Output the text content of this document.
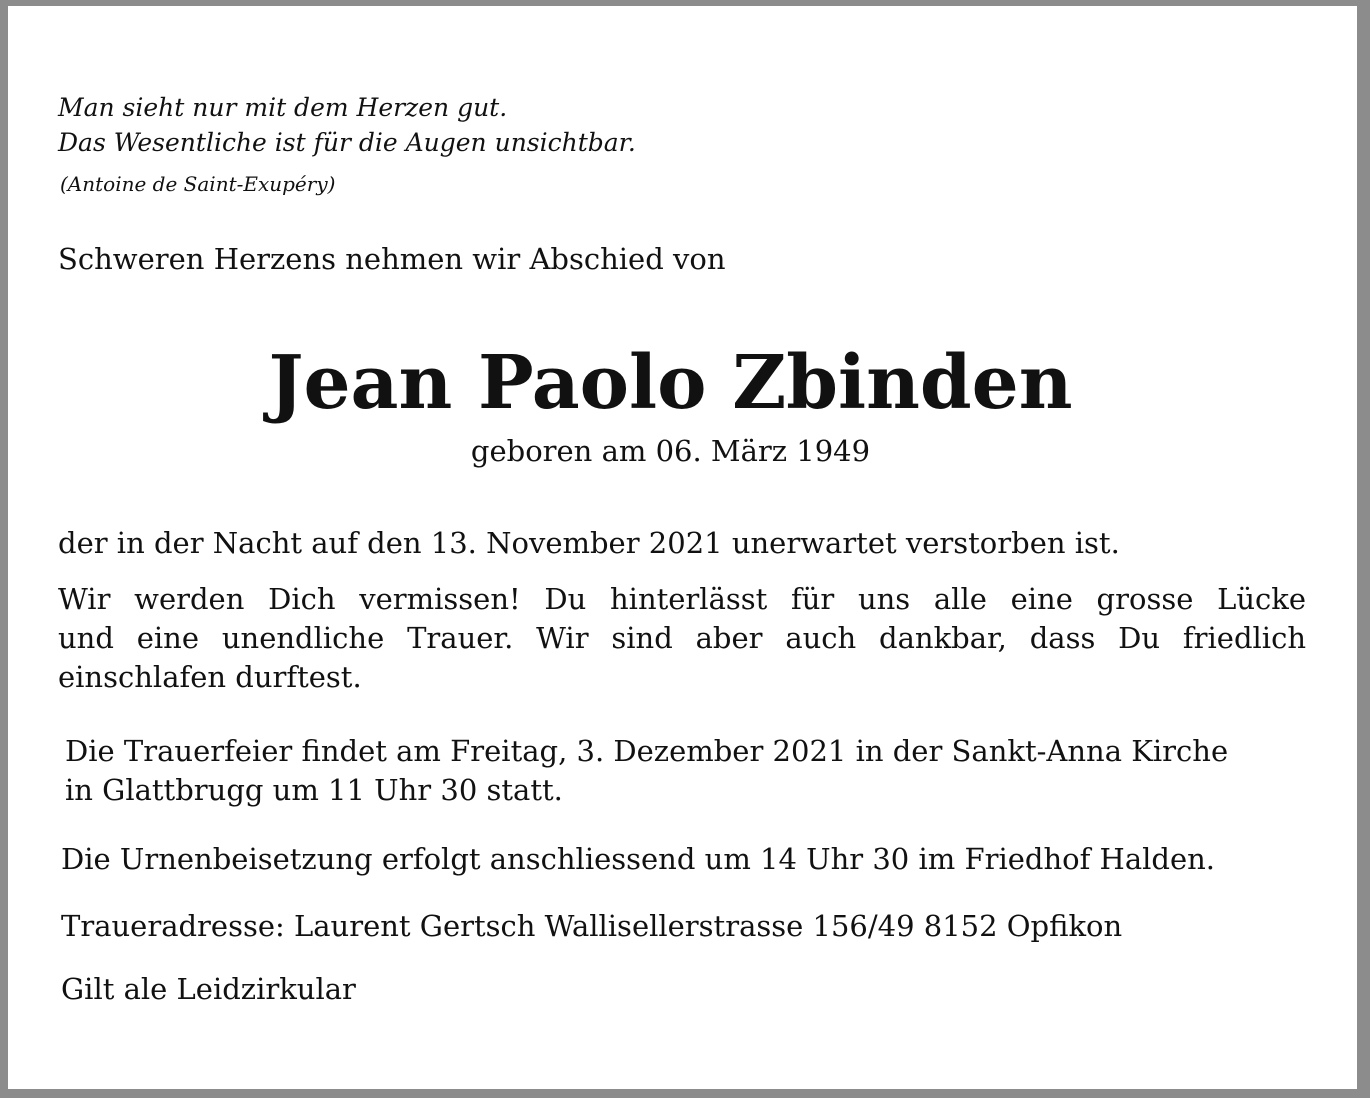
Man sieht nur mit dem Herzen gut.
Das Wesentliche ist für die Augen unsichtbar.
(Antoine de Saint-Exupéry)
Schweren Herzens nehmen wir Abschied von
Jean Paolo Zbinden
geboren am 06. März 1949
der in der Nacht auf den 13. November 2021 unerwartet verstorben ist.
Wir werden Dich vermissen! Du hinterlässt für uns alle eine grosse Lücke
und eine unendliche Trauer. Wir sind aber auch dankbar, dass Du friedlich
einschlafen durftest.
Die Trauerfeier findet am Freitag, 3. Dezember 2021 in der Sankt-Anna Kirche
in Glattbrugg um 11 Uhr 30 statt.
Die Urnenbeisetzung erfolgt anschliessend um 14 Uhr 30 im Friedhof Halden.
Traueradresse: Laurent Gertsch Wallisellerstrasse 156/49 8152 Opfikon
Gilt ale Leidzirkular
